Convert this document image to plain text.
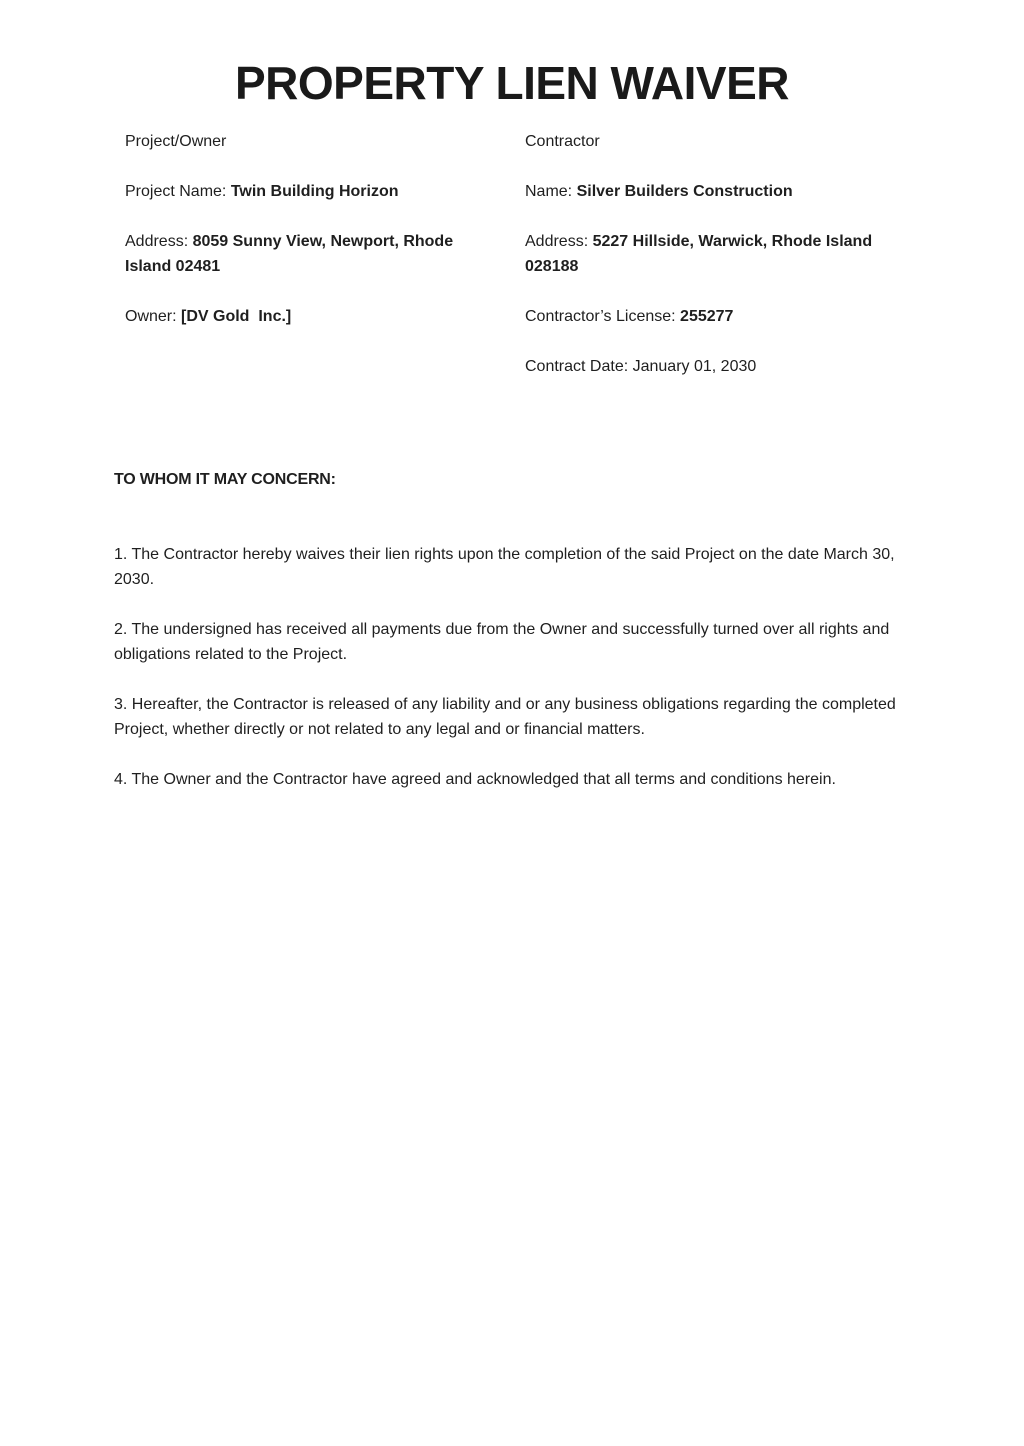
PROPERTY LIEN WAIVER

Project/Owner

Project Name: Twin Building Horizon

Address: 8059 Sunny View, Newport, Rhode Island 02481

Owner: [DV Gold  Inc.]

Contractor

Name: Silver Builders Construction

Address: 5227 Hillside, Warwick, Rhode Island 028188

Contractor’s License: 255277

Contract Date: January 01, 2030

TO WHOM IT MAY CONCERN:

1. The Contractor hereby waives their lien rights upon the completion of the said Project on the date March 30, 2030.
2. The undersigned has received all payments due from the Owner and successfully turned over all rights and obligations related to the Project.
3. Hereafter, the Contractor is released of any liability and or any business obligations regarding the completed Project, whether directly or not related to any legal and or financial matters.
4. The Owner and the Contractor have agreed and acknowledged that all terms and conditions herein.
